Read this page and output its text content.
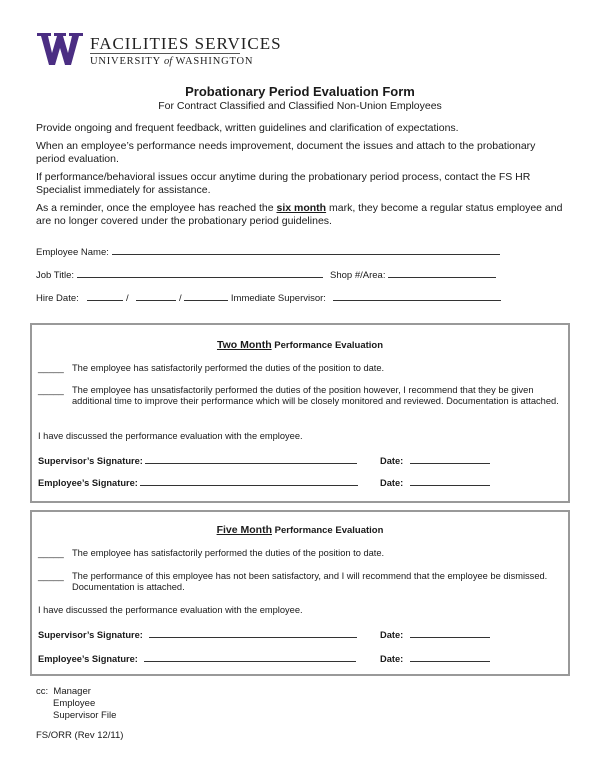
FACILITIES SERVICES
UNIVERSITY of WASHINGTON
Probationary Period Evaluation Form
For Contract Classified and Classified Non-Union Employees
Provide ongoing and frequent feedback, written guidelines and clarification of expectations.
When an employee’s performance needs improvement, document the issues and attach to the probationary period evaluation.
If performance/behavioral issues occur anytime during the probationary period process, contact the FS HR Specialist immediately for assistance.
As a reminder, once the employee has reached the six month mark, they become a regular status employee and are no longer covered under the probationary period guidelines.
Employee Name:
Job Title:	Shop #/Area:
Hire Date:	/	/	Immediate Supervisor:
Two Month Performance Evaluation
_____ The employee has satisfactorily performed the duties of the position to date.
_____ The employee has unsatisfactorily performed the duties of the position however, I recommend that they be given additional time to improve their performance which will be closely monitored and reviewed. Documentation is attached.
I have discussed the performance evaluation with the employee.
Supervisor’s Signature:	Date:
Employee’s Signature:	Date:
Five Month Performance Evaluation
_____ The employee has satisfactorily performed the duties of the position to date.
_____ The performance of this employee has not been satisfactory, and I will recommend that the employee be dismissed. Documentation is attached.
I have discussed the performance evaluation with the employee.
Supervisor’s Signature:	Date:
Employee’s Signature:	Date:
cc: Manager
Employee
Supervisor File
FS/ORR (Rev 12/11)
